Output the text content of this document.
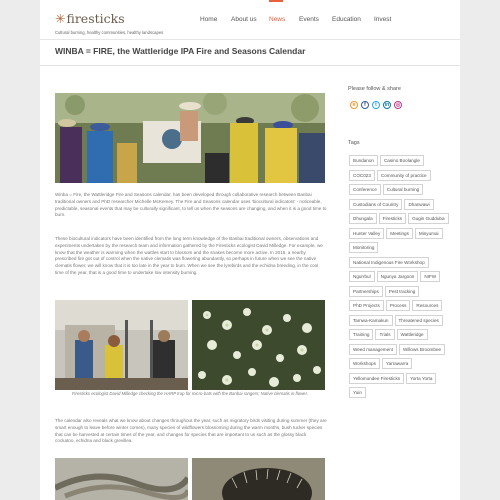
✳firesticks
Cultural burning, healthy communities, healthy landscapes
Home About us News Events Education Invest
WINBA = FIRE, the Wattleridge IPA Fire and Seasons Calendar

Winba = Fire, the Wattleridge Fire and Seasons calendar, has been developed through collaborative research between Banbai traditional owners and PhD researcher Michelle McKemey. The Fire and Seasons calendar uses 'biocultural indicators' - noticeable, predictable, seasonal events that may be culturally significant, to tell us when the seasons are changing, and when it is a good time to burn.

These biocultural indicators have been identified from the long term knowledge of the Banbai traditional owners, observations and experiments undertaken by the research team and information gathered by the Firesticks ecologist David Milledge. For example, we know that the weather is warming when the wattles start to blossom and the snakes become more active. In 2015, a nearby prescribed fire got out of control when the native clematis was flowering abundantly, so perhaps in future when we see the native clematis flower, we will know that it is too late in the year to burn. When we see the lyrebirds and the echidna breeding, in the cool time of the year, that is a good time to undertake low intensity burning.

Firesticks ecologist David Milledge checking the HARP trap for micro-bats with the Banbai rangers; Native clematis in flower.

The calendar also reveals what we know about changes throughout the year, such as migratory birds visiting during summer (they are smart enough to leave before winter comes), many species of wildflowers blossoming during the warm months, bush tucker species that can be harvested at certain times of the year, and changes for species that are important to us such as the glossy black cockatoo, echidna and black grevillea.

Please follow & share
ʀ	f	t	in ◎
Tags
Bundanon	Casino Boolangle
COC023	Community of practice
Conference	Cultural burning
Custodians of Country	Dhanwawi
Dhungala	Firesticks	Gugin Gudduba
Hunter Valley	Meetings	Minyumai
Monitoring
National Indigenous Fire Workshop
Ngurrbul	Ngunya Jargoon	NIFW
Partnerships	Pest tracking
PhD Projects	Process	Resources
Tamwa-Kamakun	Threatened species
Training	Trials	Wattleridge
Weed management	Willows Broombee
Workshops	Yarrawarra
Yellomundee Firesticks	Yorta Yorta
Yuin
